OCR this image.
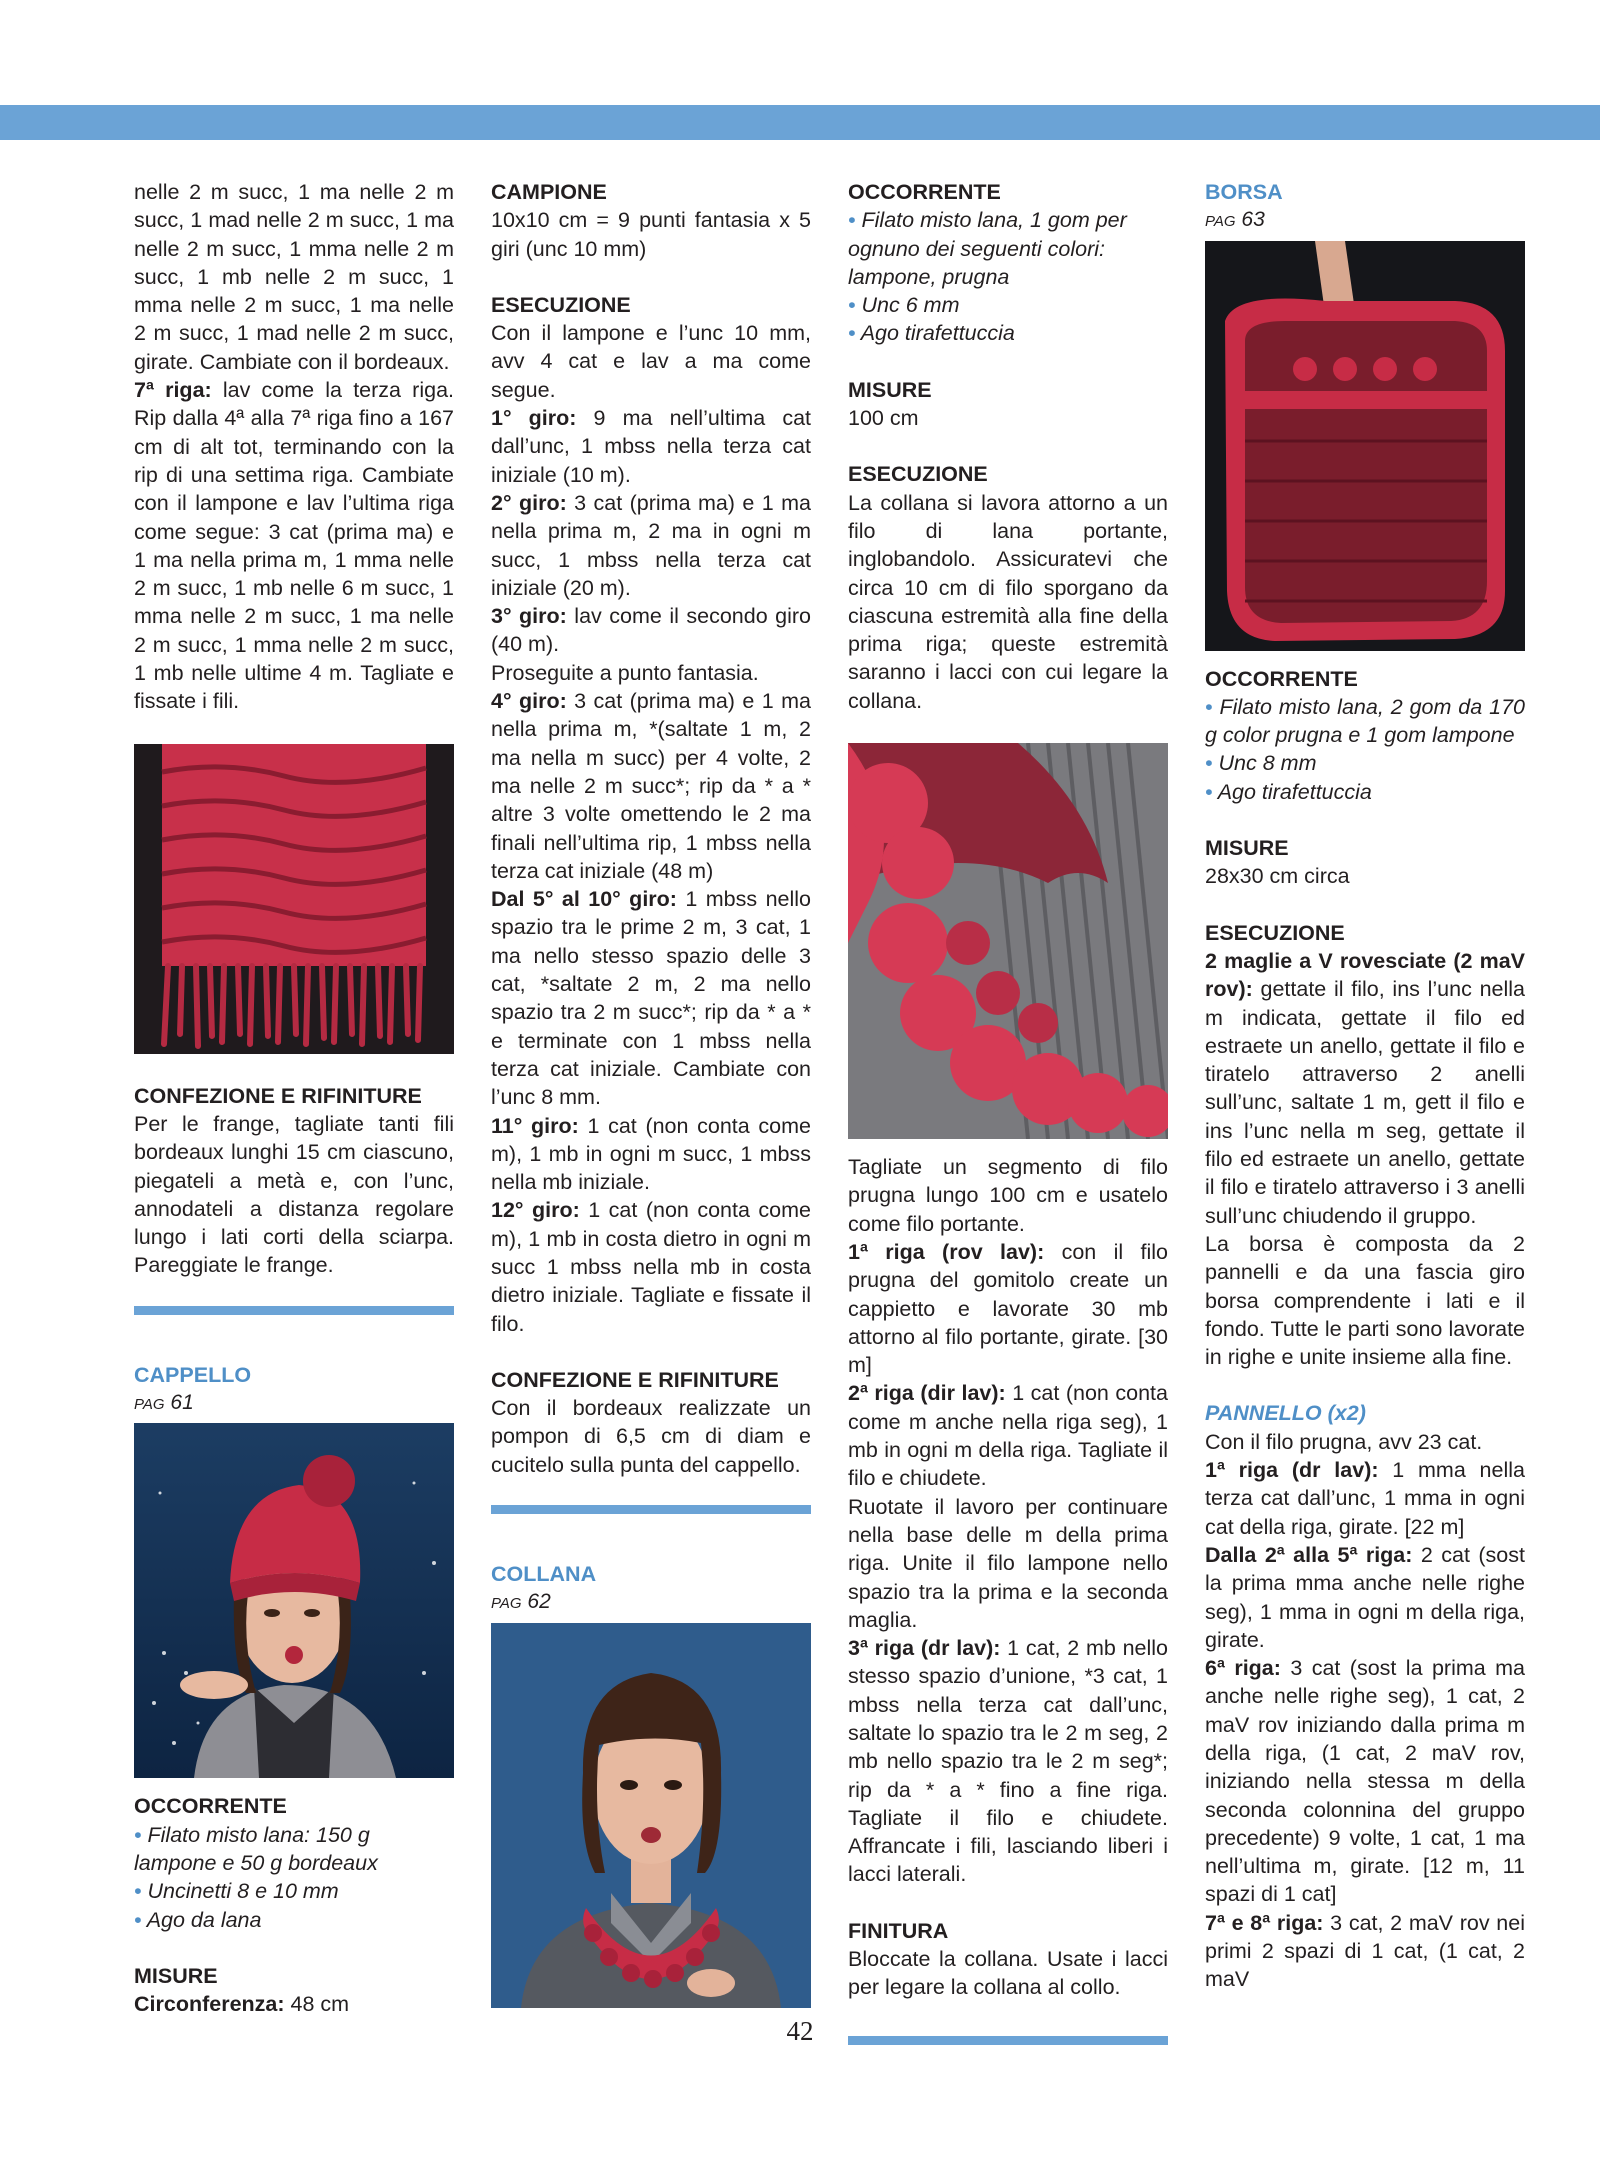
nelle 2 m succ, 1 ma nelle 2 m succ, 1 mad nelle 2 m succ, 1 ma nelle 2 m succ, 1 mma nelle 2 m succ, 1 mb nelle 2 m succ, 1 mma nelle 2 m succ, 1 ma nelle 2 m succ, 1 mad nelle 2 m succ, girate. Cambiate con il bordeaux.

7ª riga: lav come la terza riga. Rip dalla 4ª alla 7ª riga fino a 167 cm di alt tot, terminando con la rip di una settima riga. Cambiate con il lampone e lav l’ultima riga come segue: 3 cat (prima ma) e 1 ma nella prima m, 1 mma nelle 2 m succ, 1 mb nelle 6 m succ, 1 mma nelle 2 m succ, 1 ma nelle 2 m succ, 1 mma nelle 2 m succ, 1 mb nelle ultime 4 m. Tagliate e fissate i fili.

CONFEZIONE E RIFINITURE

Per le frange, tagliate tanti fili bordeaux lunghi 15 cm ciascuno, piegateli a metà e, con l’unc, annodateli a distanza regolare lungo i lati corti della sciarpa. Pareggiate le frange.

CAPPELLO

PAG 61

OCCORRENTE

• Filato misto lana: 150 g lampone e 50 g bordeaux

• Uncinetti 8 e 10 mm

• Ago da lana

MISURE

Circonferenza: 48 cm

CAMPIONE

10x10 cm = 9 punti fantasia x 5 giri (unc 10 mm)

ESECUZIONE

Con il lampone e l’unc 10 mm, avv 4 cat e lav a ma come segue.

1° giro: 9 ma nell’ultima cat dall’unc, 1 mbss nella terza cat iniziale (10 m).

2° giro: 3 cat (prima ma) e 1 ma nella prima m, 2 ma in ogni m succ, 1 mbss nella terza cat iniziale (20 m).

3° giro: lav come il secondo giro (40 m).

Proseguite a punto fantasia.

4° giro: 3 cat (prima ma) e 1 ma nella prima m, *(saltate 1 m, 2 ma nella m succ) per 4 volte, 2 ma nelle 2 m succ*; rip da * a * altre 3 volte omettendo le 2 ma finali nell’ultima rip, 1 mbss nella terza cat iniziale (48 m)

Dal 5° al 10° giro: 1 mbss nello spazio tra le prime 2 m, 3 cat, 1 ma nello stesso spazio delle 3 cat, *saltate 2 m, 2 ma nello spazio tra 2 m succ*; rip da * a * e terminate con 1 mbss nella terza cat iniziale. Cambiate con l’unc 8 mm.

11° giro: 1 cat (non conta come m), 1 mb in ogni m succ, 1 mbss nella mb iniziale.

12° giro: 1 cat (non conta come m), 1 mb in costa dietro in ogni m succ 1 mbss nella mb in costa dietro iniziale. Tagliate e fissate il filo.

CONFEZIONE E RIFINITURE

Con il bordeaux realizzate un pompon di 6,5 cm di diam e cucitelo sulla punta del cappello.

COLLANA

PAG 62

OCCORRENTE

• Filato misto lana, 1 gom per ognuno dei seguenti colori: lampone, prugna

• Unc 6 mm

• Ago tirafettuccia

MISURE

100 cm

ESECUZIONE

La collana si lavora attorno a un filo di lana portante, inglobandolo. Assicuratevi che circa 10 cm di filo sporgano da ciascuna estremità alla fine della prima riga; queste estremità saranno i lacci con cui legare la collana.

Tagliate un segmento di filo prugna lungo 100 cm e usatelo come filo portante.

1ª riga (rov lav): con il filo prugna del gomitolo create un cappietto e lavorate 30 mb attorno al filo portante, girate. [30 m]

2ª riga (dir lav): 1 cat (non conta come m anche nella riga seg), 1 mb in ogni m della riga. Tagliate il filo e chiudete.

Ruotate il lavoro per continuare nella base delle m della prima riga. Unite il filo lampone nello spazio tra la prima e la seconda maglia.

3ª riga (dr lav): 1 cat, 2 mb nello stesso spazio d’unione, *3 cat, 1 mbss nella terza cat dall’unc, saltate lo spazio tra le 2 m seg, 2 mb nello spazio tra le 2 m seg*; rip da * a * fino a fine riga. Tagliate il filo e chiudete. Affrancate i fili, lasciando liberi i lacci laterali.

FINITURA

Bloccate la collana. Usate i lacci per legare la collana al collo.

BORSA

PAG 63

OCCORRENTE

• Filato misto lana, 2 gom da 170 g color prugna e 1 gom lampone

• Unc 8 mm

• Ago tirafettuccia

MISURE

28x30 cm circa

ESECUZIONE

2 maglie a V rovesciate (2 maV rov): gettate il filo, ins l’unc nella m indicata, gettate il filo ed estraete un anello, gettate il filo e tiratelo attraverso 2 anelli sull’unc, saltate 1 m, gett il filo e ins l’unc nella m seg, gettate il filo ed estraete un anello, gettate il filo e tiratelo attraverso i 3 anelli sull’unc chiudendo il gruppo.

La borsa è composta da 2 pannelli e da una fascia giro borsa comprendente i lati e il fondo. Tutte le parti sono lavorate in righe e unite insieme alla fine.

PANNELLO (x2)

Con il filo prugna, avv 23 cat.

1ª riga (dr lav): 1 mma nella terza cat dall’unc, 1 mma in ogni cat della riga, girate. [22 m]

Dalla 2ª alla 5ª riga: 2 cat (sost la prima mma anche nelle righe seg), 1 mma in ogni m della riga, girate.

6ª riga: 3 cat (sost la prima ma anche nelle righe seg), 1 cat, 2 maV rov iniziando dalla prima m della riga, (1 cat, 2 maV rov, iniziando nella stessa m della seconda colonnina del gruppo precedente) 9 volte, 1 cat, 1 ma nell’ultima m, girate. [12 m, 11 spazi di 1 cat]

7ª e 8ª riga: 3 cat, 2 maV rov nei primi 2 spazi di 1 cat, (1 cat, 2 maV

42
